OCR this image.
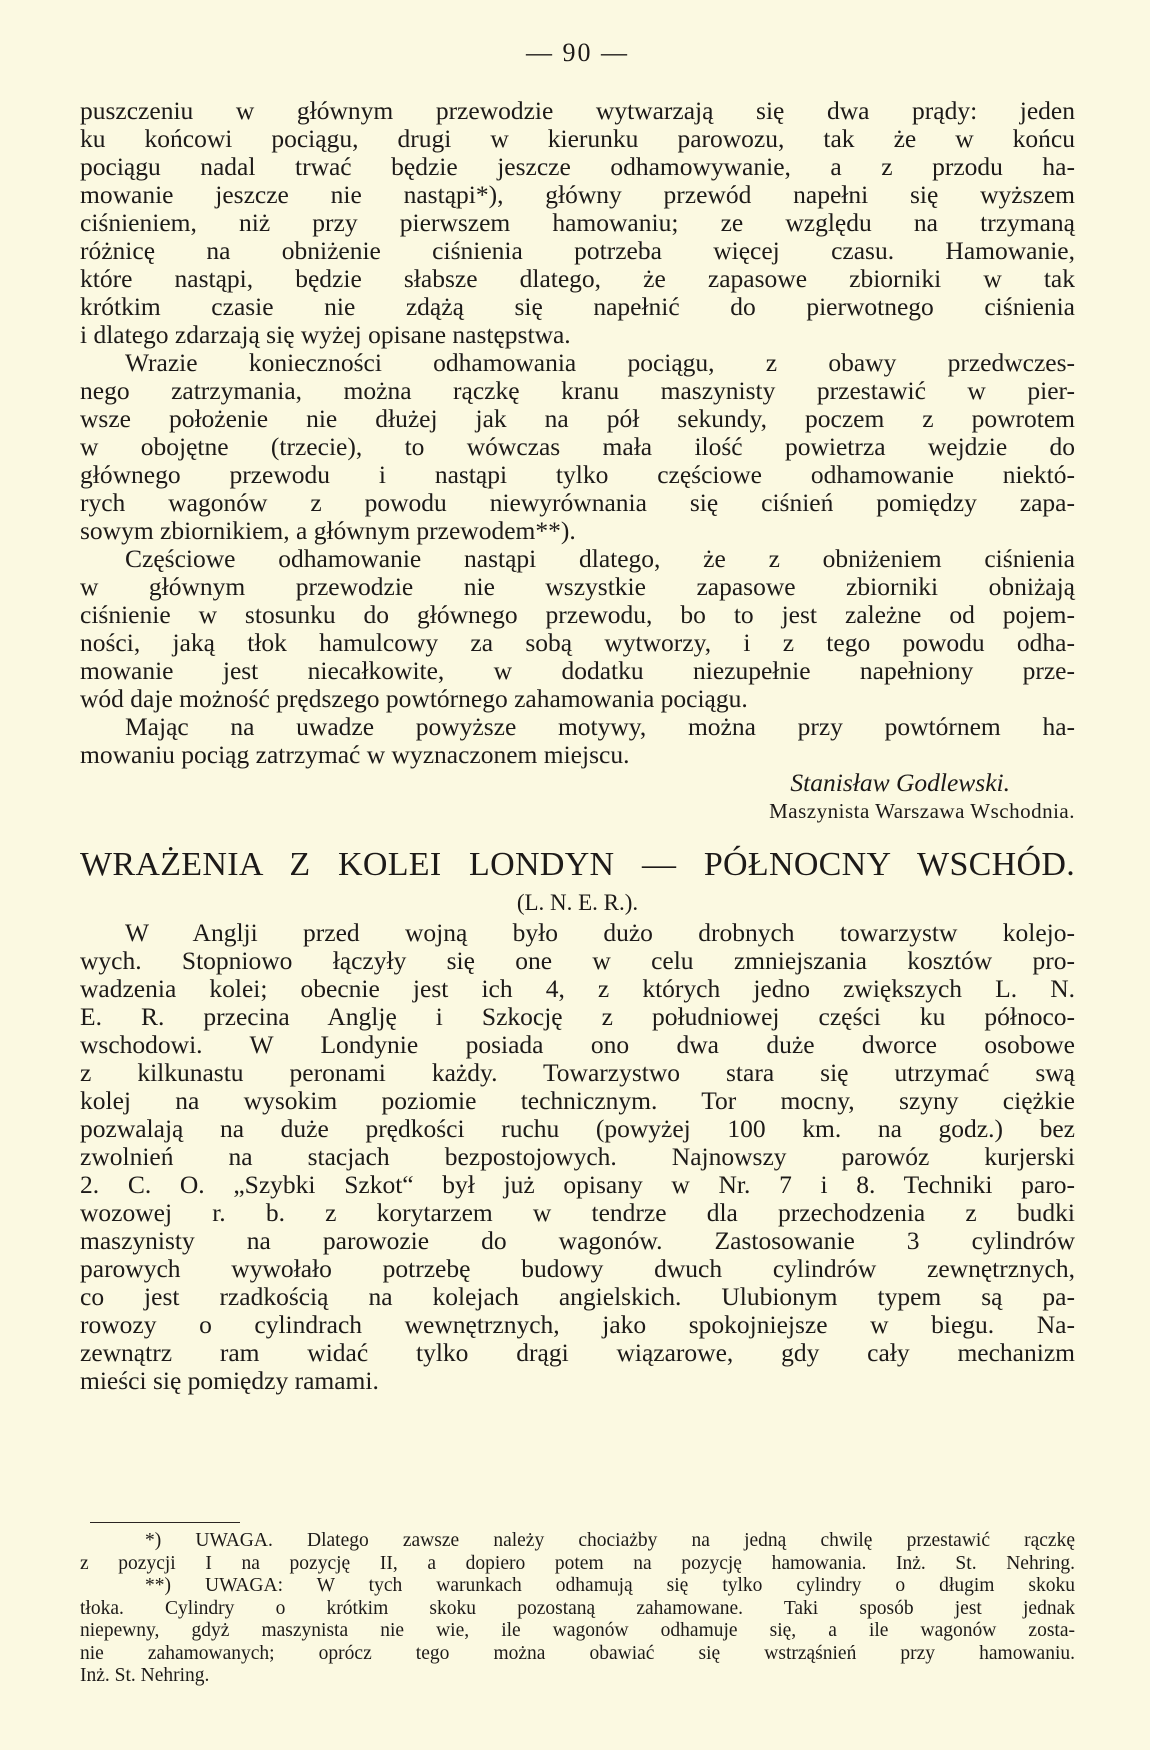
— 90 —
puszczeniu w głównym przewodzie wytwarzają się dwa prądy: jeden
ku końcowi pociągu, drugi w kierunku parowozu, tak że w końcu
pociągu nadal trwać będzie jeszcze odhamowywanie, a z przodu ha-
mowanie jeszcze nie nastąpi*), główny przewód napełni się wyższem
ciśnieniem, niż przy pierwszem hamowaniu; ze względu na trzymaną
różnicę na obniżenie ciśnienia potrzeba więcej czasu. Hamowanie,
które nastąpi, będzie słabsze dlatego, że zapasowe zbiorniki w tak
krótkim czasie nie zdążą się napełnić do pierwotnego ciśnienia
i dlatego zdarzają się wyżej opisane następstwa.
Wrazie konieczności odhamowania pociągu, z obawy przedwczes-
nego zatrzymania, można rączkę kranu maszynisty przestawić w pier-
wsze położenie nie dłużej jak na pół sekundy, poczem z powrotem
w obojętne (trzecie), to wówczas mała ilość powietrza wejdzie do
głównego przewodu i nastąpi tylko częściowe odhamowanie niektó-
rych wagonów z powodu niewyrównania się ciśnień pomiędzy zapa-
sowym zbiornikiem, a głównym przewodem**).
Częściowe odhamowanie nastąpi dlatego, że z obniżeniem ciśnienia
w głównym przewodzie nie wszystkie zapasowe zbiorniki obniżają
ciśnienie w stosunku do głównego przewodu, bo to jest zależne od pojem-
ności, jaką tłok hamulcowy za sobą wytworzy, i z tego powodu odha-
mowanie jest niecałkowite, w dodatku niezupełnie napełniony prze-
wód daje możność prędszego powtórnego zahamowania pociągu.
Mając na uwadze powyższe motywy, można przy powtórnem ha-
mowaniu pociąg zatrzymać w wyznaczonem miejscu.
Stanisław Godlewski.
Maszynista Warszawa Wschodnia.
WRAŻENIA Z KOLEI LONDYN — PÓŁNOCNY WSCHÓD.
(L. N. E. R.).
W Anglji przed wojną było dużo drobnych towarzystw kolejo-
wych. Stopniowo łączyły się one w celu zmniejszania kosztów pro-
wadzenia kolei; obecnie jest ich 4, z których jedno zwiększych L. N.
E. R. przecina Anglję i Szkocję z południowej części ku północo-
wschodowi. W Londynie posiada ono dwa duże dworce osobowe
z kilkunastu peronami każdy. Towarzystwo stara się utrzymać swą
kolej na wysokim poziomie technicznym. Tor mocny, szyny ciężkie
pozwalają na duże prędkości ruchu (powyżej 100 km. na godz.) bez
zwolnień na stacjach bezpostojowych. Najnowszy parowóz kurjerski
2. C. O. „Szybki Szkot“ był już opisany w Nr. 7 i 8. Techniki paro-
wozowej r. b. z korytarzem w tendrze dla przechodzenia z budki
maszynisty na parowozie do wagonów. Zastosowanie 3 cylindrów
parowych wywołało potrzebę budowy dwuch cylindrów zewnętrznych,
co jest rzadkością na kolejach angielskich. Ulubionym typem są pa-
rowozy o cylindrach wewnętrznych, jako spokojniejsze w biegu. Na-
zewnątrz ram widać tylko drągi wiązarowe, gdy cały mechanizm
mieści się pomiędzy ramami.
*) UWAGA. Dlatego zawsze należy chociażby na jedną chwilę przestawić rączkę
z pozycji I na pozycję II, a dopiero potem na pozycję hamowania. Inż. St. Nehring.
**) UWAGA: W tych warunkach odhamują się tylko cylindry o długim skoku
tłoka. Cylindry o krótkim skoku pozostaną zahamowane. Taki sposób jest jednak
niepewny, gdyż maszynista nie wie, ile wagonów odhamuje się, a ile wagonów zosta-
nie zahamowanych; oprócz tego można obawiać się wstrząśnień przy hamowaniu.
Inż. St. Nehring.
